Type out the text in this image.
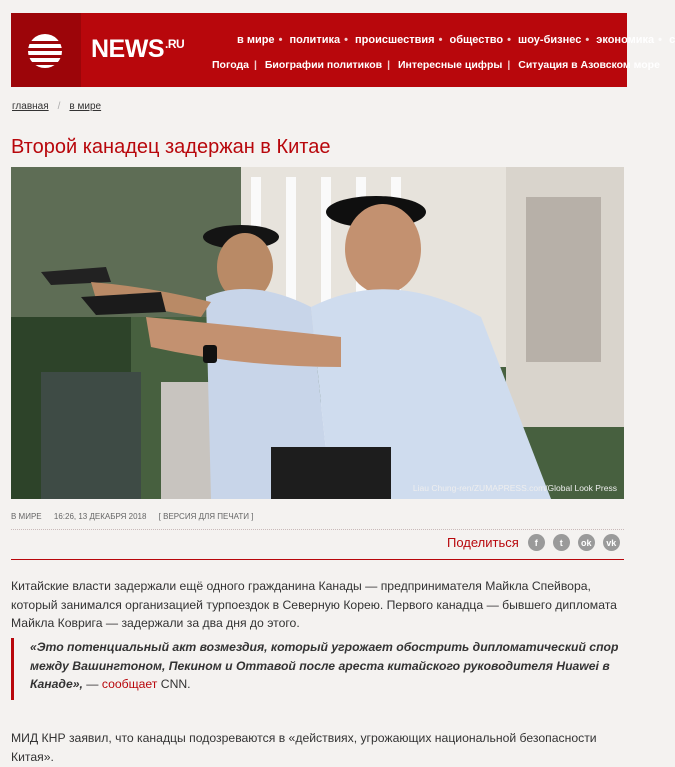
$NEWS^{.RU}$	в мире • политика • происшествия • общество • шоу-бизнес • экономика • с
Погода | Биографии политиков | Интересные цифры | Ситуация в Азовском море
главная / в мире
Второй канадец задержан в Китае
Liau Chung-ren/ZUMAPRESS.com/Global Look Press
В МИРЕ 16:26, 13 ДЕКАБРЯ 2018 [ ВЕРСИЯ ДЛЯ ПЕЧАТИ ]
Поделиться	f	t	ok	vk

Китайские власти задержали ещё одного гражданина Канады — предпринимателя Майкла Спейвора, который занимался организацией турпоездок в Северную Корею. Первого канадца — бывшего дипломата Майкла Коврига — задержали за два дня до этого.

«Это потенциальный акт возмездия, который угрожает обострить дипломатический спор между Вашингтоном, Пекином и Оттавой после ареста китайского руководителя Huawei в Канаде», — сообщает CNN.

МИД КНР заявил, что канадцы подозреваются в «действиях, угрожающих национальной безопасности Китая».
